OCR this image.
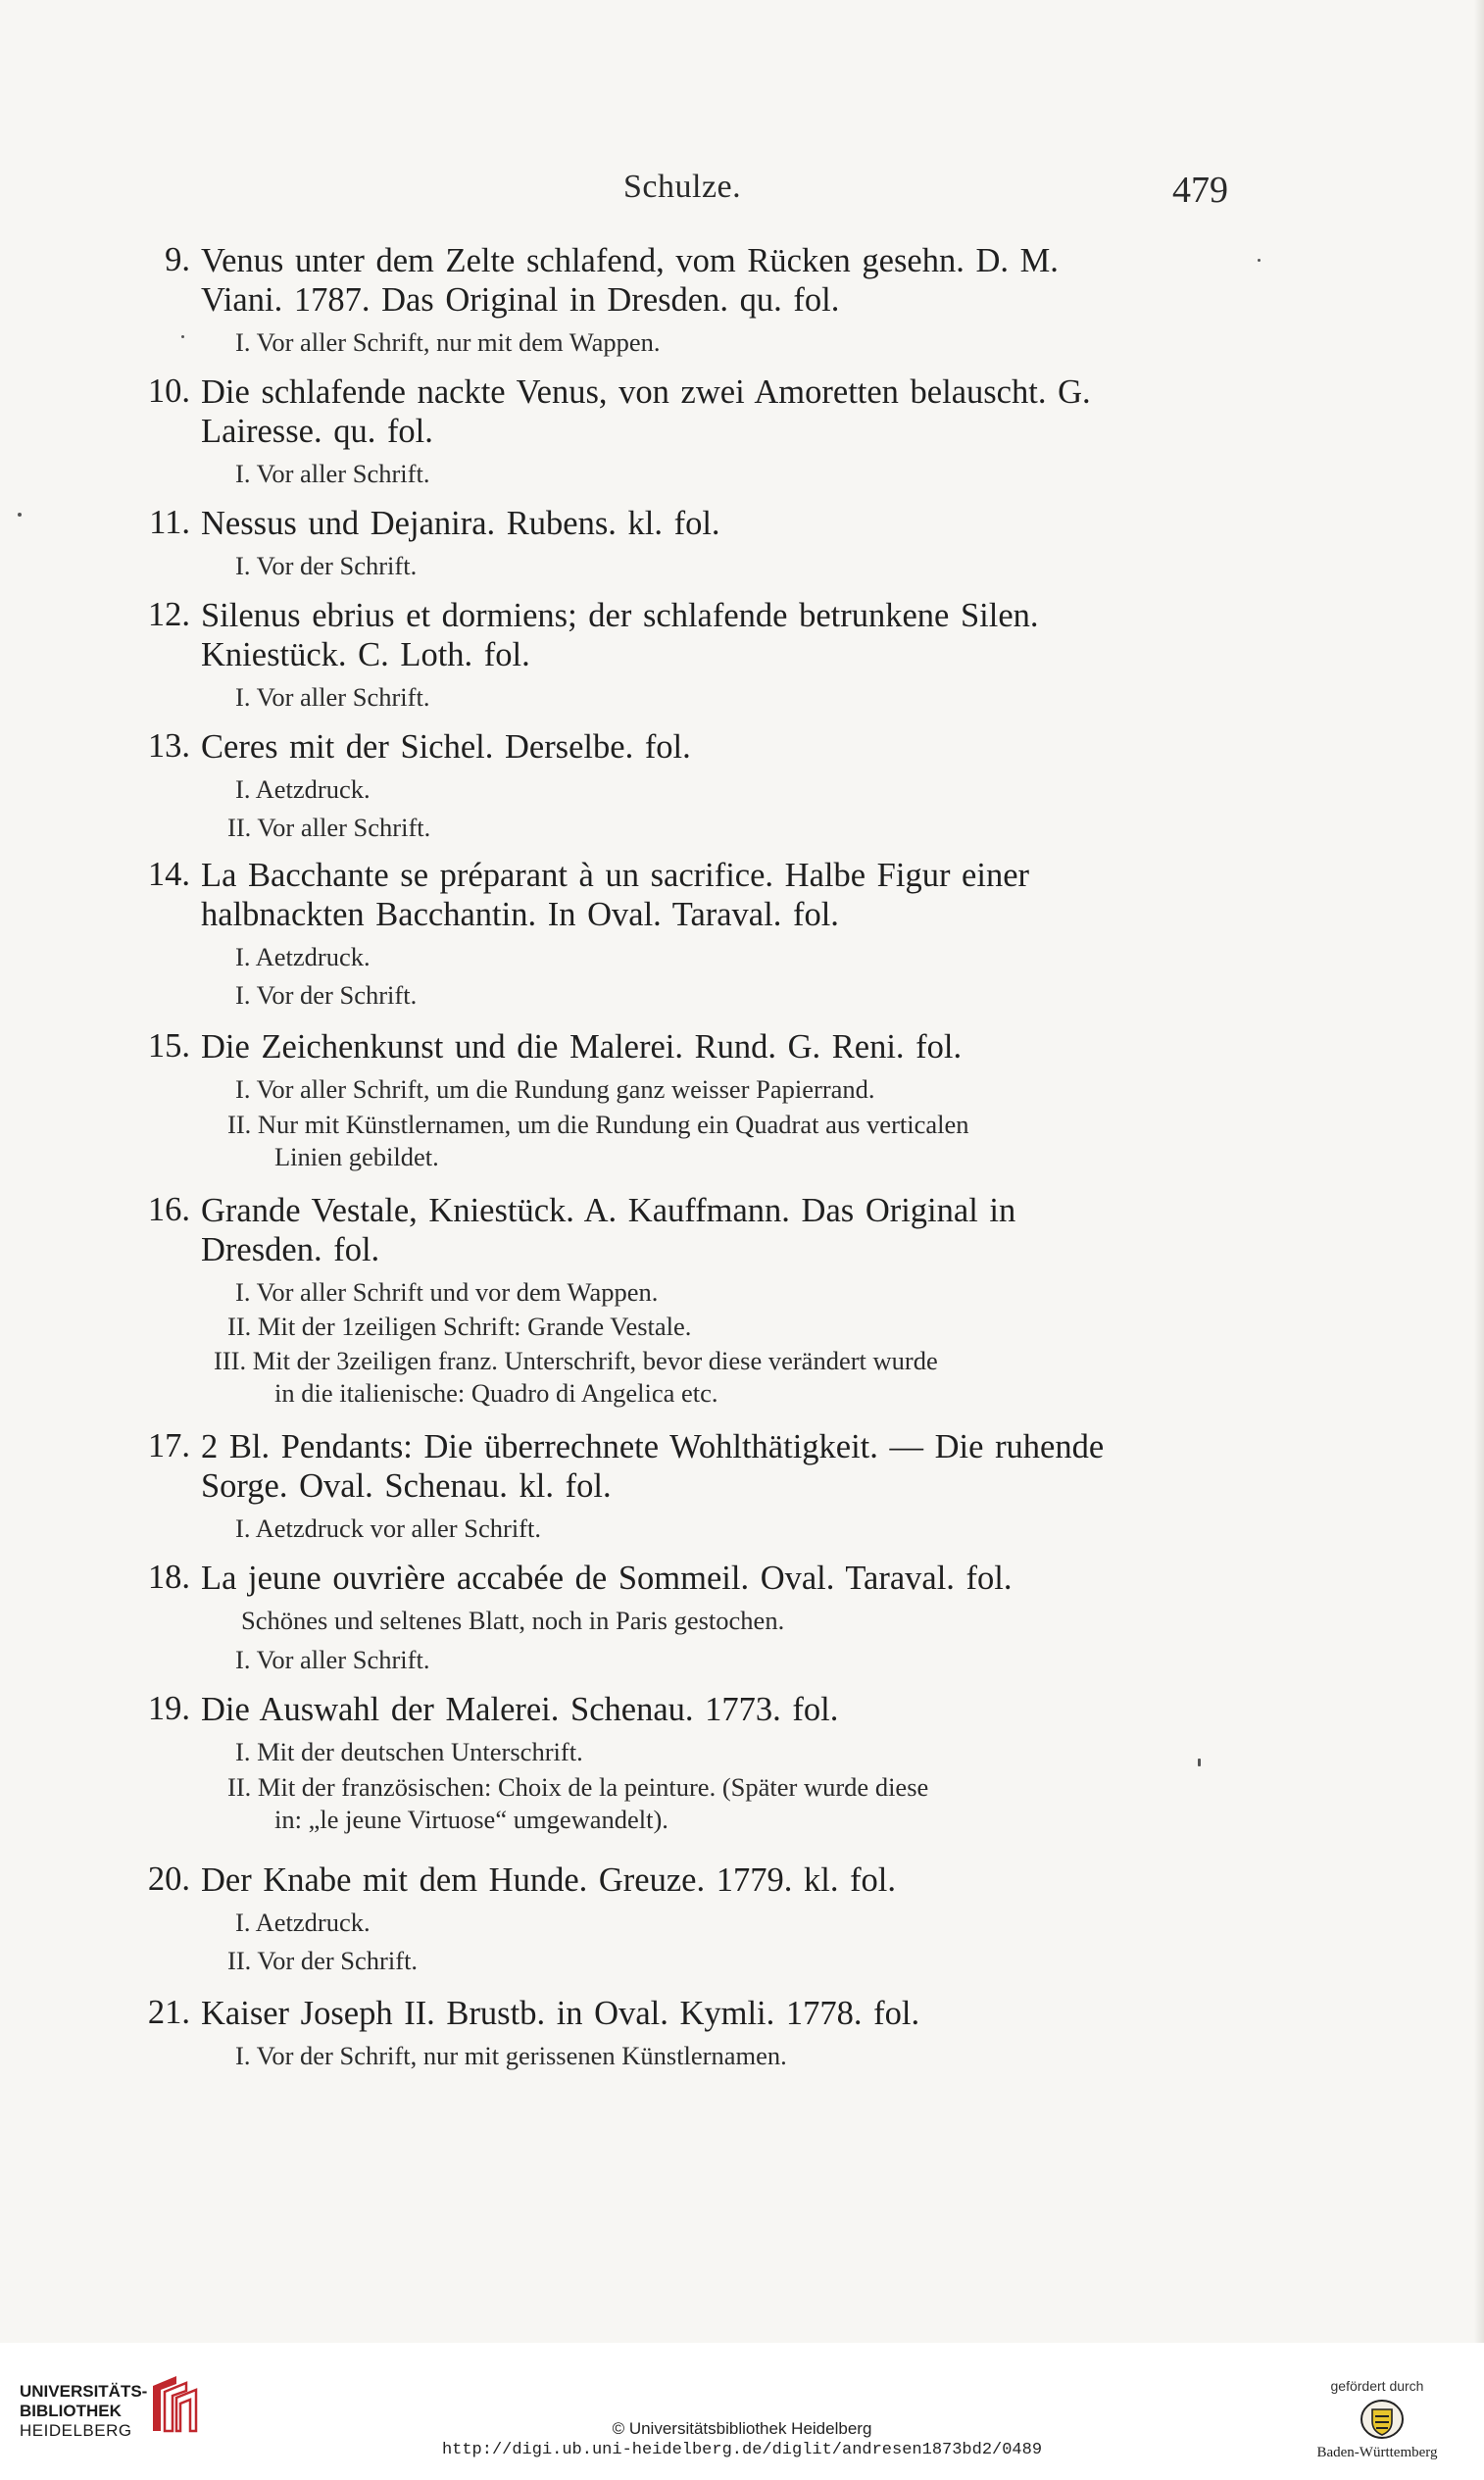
Schulze.	479
9. Venus unter dem Zelte schlafend, vom Rücken gesehn. D. M.
Viani. 1787. Das Original in Dresden. qu. fol.
I. Vor aller Schrift, nur mit dem Wappen.
10. Die schlafende nackte Venus, von zwei Amoretten belauscht. G.
Lairesse. qu. fol.
I. Vor aller Schrift.
11. Nessus und Dejanira. Rubens. kl. fol.
I. Vor der Schrift.
12. Silenus ebrius et dormiens; der schlafende betrunkene Silen.
Kniestück. C. Loth. fol.
I. Vor aller Schrift.
13. Ceres mit der Sichel. Derselbe. fol.
I. Aetzdruck.
II. Vor aller Schrift.
14. La Bacchante se préparant à un sacrifice. Halbe Figur einer
halbnackten Bacchantin. In Oval. Taraval. fol.
I. Aetzdruck.
I. Vor der Schrift.
15. Die Zeichenkunst und die Malerei. Rund. G. Reni. fol.
I. Vor aller Schrift, um die Rundung ganz weisser Papierrand.
II. Nur mit Künstlernamen, um die Rundung ein Quadrat aus verticalen
Linien gebildet.
16. Grande Vestale, Kniestück. A. Kauffmann. Das Original in
Dresden. fol.
I. Vor aller Schrift und vor dem Wappen.
II. Mit der 1zeiligen Schrift: Grande Vestale.
III. Mit der 3zeiligen franz. Unterschrift, bevor diese verändert wurde
in die italienische: Quadro di Angelica etc.
17. 2 Bl. Pendants: Die überrechnete Wohlthätigkeit. — Die ruhende
Sorge. Oval. Schenau. kl. fol.
I. Aetzdruck vor aller Schrift.
18. La jeune ouvrière accabée de Sommeil. Oval. Taraval. fol.
Schönes und seltenes Blatt, noch in Paris gestochen.
I. Vor aller Schrift.
19. Die Auswahl der Malerei. Schenau. 1773. fol.
I. Mit der deutschen Unterschrift.
II. Mit der französischen: Choix de la peinture. (Später wurde diese
in: „le jeune Virtuose“ umgewandelt).
20. Der Knabe mit dem Hunde. Greuze. 1779. kl. fol.
I. Aetzdruck.
II. Vor der Schrift.
21. Kaiser Joseph II. Brustb. in Oval. Kymli. 1778. fol.
I. Vor der Schrift, nur mit gerissenen Künstlernamen.
UNIVERSITÄTS-
BIBLIOTHEK
HEIDELBERG	© Universitätsbibliothek Heidelberg
http://digi.ub.uni-heidelberg.de/diglit/andresen1873bd2/0489
gefördert durch
Baden-Württemberg
